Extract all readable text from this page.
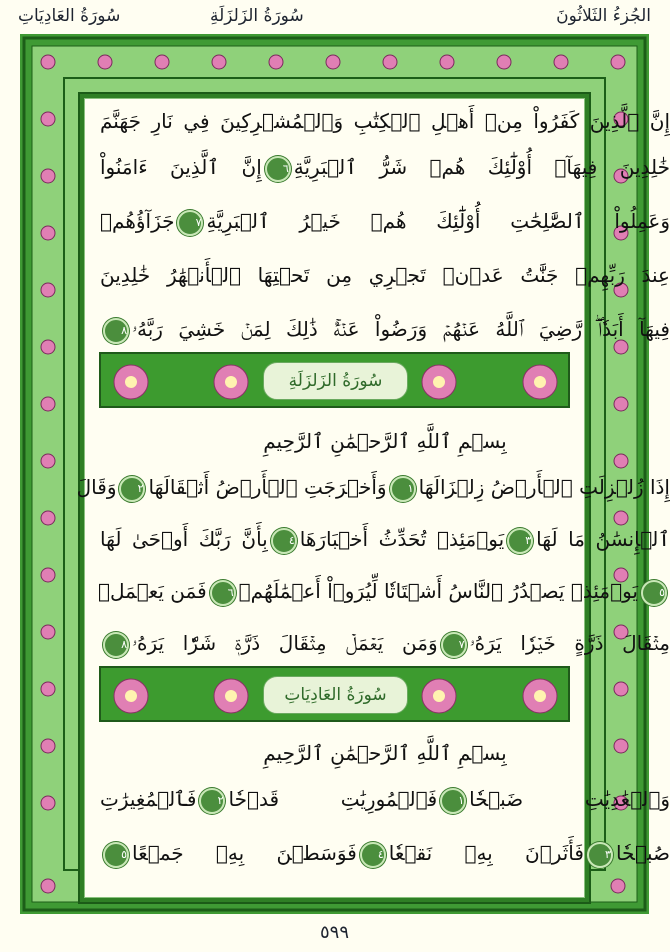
الجُزءُ الثَلاثُونَ
سُورَةُ الزَلزَلَةِ
سُورَةُ العَادِيَاتِ
إِنَّ ٱلَّذِينَ كَفَرُواْ مِنۡ أَهۡلِ ٱلۡكِتَٰبِ وَٱلۡمُشۡرِكِينَ فِي نَارِ جَهَنَّمَ
خَٰلِدِينَ فِيهَآۚ أُوْلَٰٓئِكَ هُمۡ شَرُّ ٱلۡبَرِيَّةِ٦إِنَّ ٱلَّذِينَ ءَامَنُواْ
وَعَمِلُواْ ٱلصَّٰلِحَٰتِ أُوْلَٰٓئِكَ هُمۡ خَيۡرُ ٱلۡبَرِيَّةِ٧جَزَآؤُهُمۡ
عِندَ رَبِّهِمۡ جَنَّٰتُ عَدۡنٖ تَجۡرِي مِن تَحۡتِهَا ٱلۡأَنۡهَٰرُ خَٰلِدِينَ
فِيهَآ أَبَدٗاۖ رَّضِيَ ٱللَّهُ عَنۡهُمۡ وَرَضُواْ عَنۡهُۚ ذَٰلِكَ لِمَنۡ خَشِيَ رَبَّهُۥ٨
سُورَةُ الزَلزَلَةِ
بِسۡمِ ٱللَّهِ ٱلرَّحۡمَٰنِ ٱلرَّحِيمِ
إِذَا زُلۡزِلَتِ ٱلۡأَرۡضُ زِلۡزَالَهَا١وَأَخۡرَجَتِ ٱلۡأَرۡضُ أَثۡقَالَهَا٢وَقَالَ
ٱلۡإِنسَٰنُ مَا لَهَا٣يَوۡمَئِذٖ تُحَدِّثُ أَخۡبَارَهَا٤بِأَنَّ رَبَّكَ أَوۡحَىٰ لَهَا
٥يَوۡمَئِذٖ يَصۡدُرُ ٱلنَّاسُ أَشۡتَاتٗا لِّيُرَوۡاْ أَعۡمَٰلَهُمۡ٦فَمَن يَعۡمَلۡ
مِثۡقَالَ ذَرَّةٍ خَيۡرٗا يَرَهُۥ٧وَمَن يَعۡمَلۡ مِثۡقَالَ ذَرَّةٖ شَرّٗا يَرَهُۥ٨
سُورَةُ العَادِيَاتِ
بِسۡمِ ٱللَّهِ ٱلرَّحۡمَٰنِ ٱلرَّحِيمِ
وَٱلۡعَٰدِيَٰتِ ضَبۡحٗا١فَٱلۡمُورِيَٰتِ قَدۡحٗا٢فَٱلۡمُغِيرَٰتِ
صُبۡحٗا٣فَأَثَرۡنَ بِهِۦ نَقۡعٗا٤فَوَسَطۡنَ بِهِۦ جَمۡعًا٥
٥٩٩
